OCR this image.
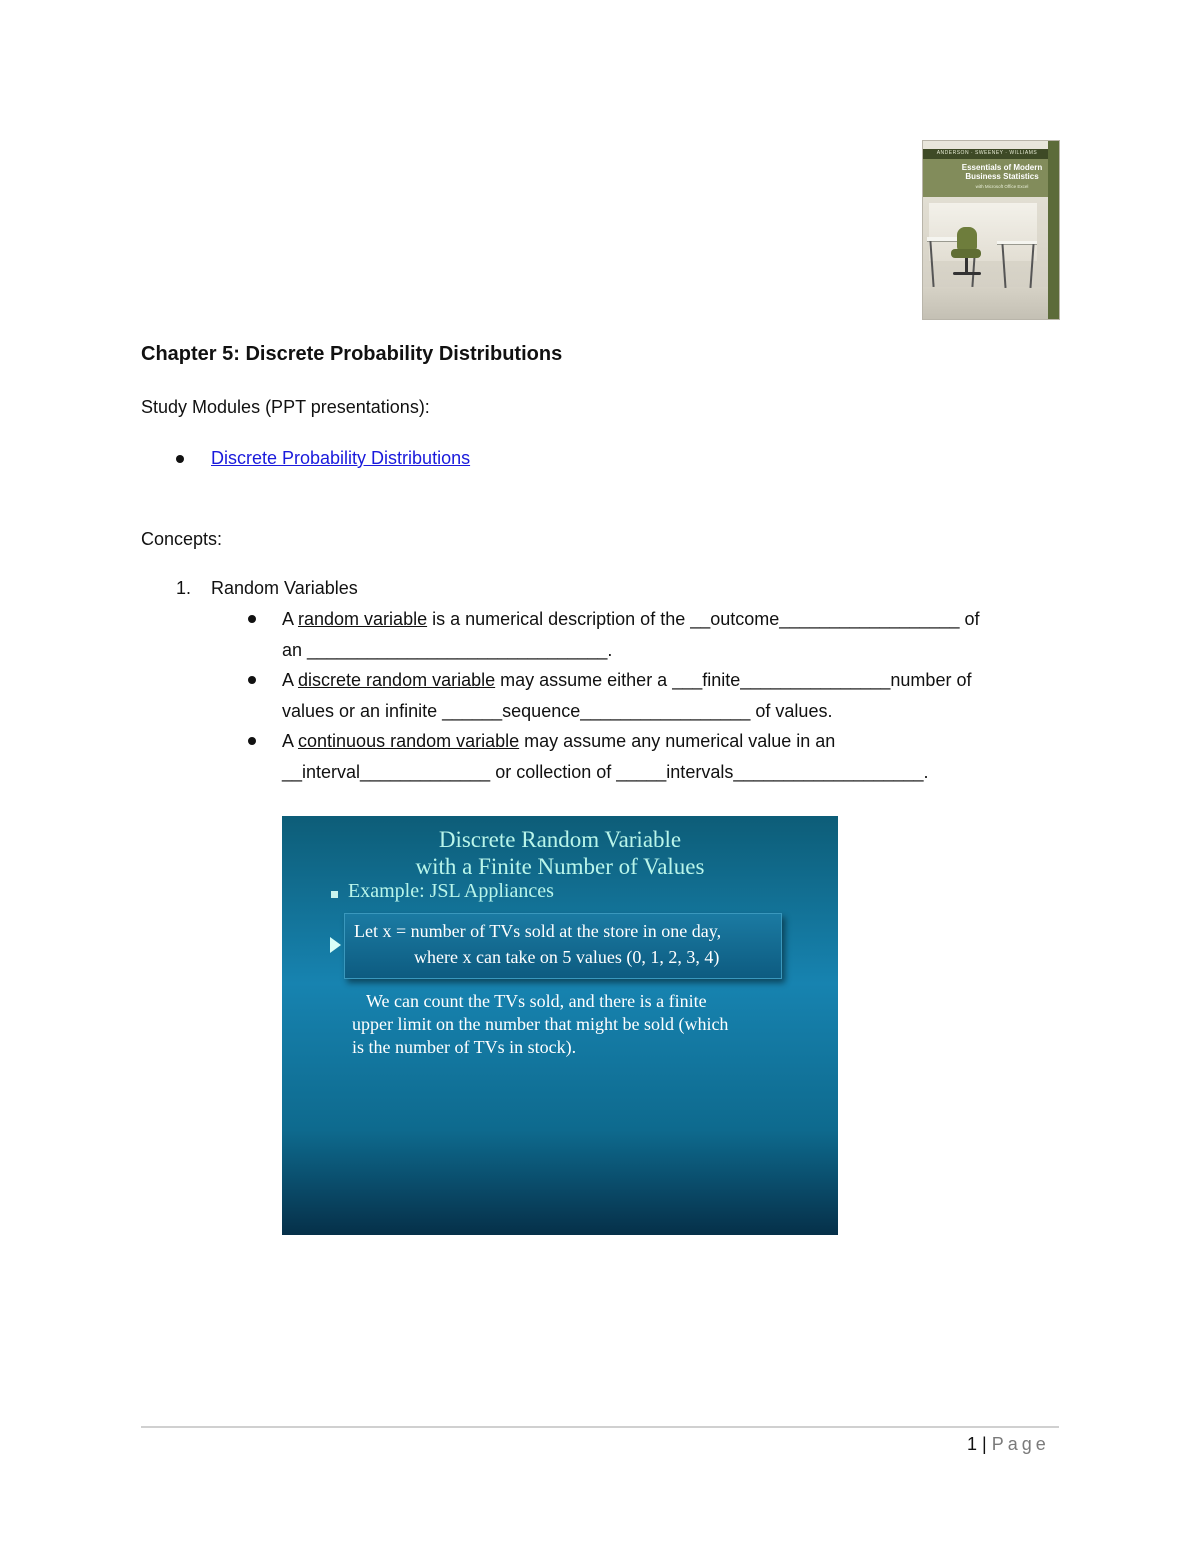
ANDERSON · SWEENEY · WILLIAMS
Essentials of Modern
Business Statistics
with Microsoft Office Excel
Chapter 5: Discrete Probability Distributions
Study Modules (PPT presentations):
Discrete Probability Distributions
Concepts:
1. Random Variables
A random variable is a numerical description of the __outcome__________________ of
an ______________________________.
A discrete random variable may assume either a ___finite_______________number of
values or an infinite ______sequence_________________ of values.
A continuous random variable may assume any numerical value in an
__interval_____________ or collection of _____intervals___________________.
Discrete Random Variable
with a Finite Number of Values
Example: JSL Appliances
Let x = number of TVs sold at the store in one day,
where x can take on 5 values (0, 1, 2, 3, 4)
We can count the TVs sold, and there is a finite
upper limit on the number that might be sold (which
is the number of TVs in stock).
1 | Page
